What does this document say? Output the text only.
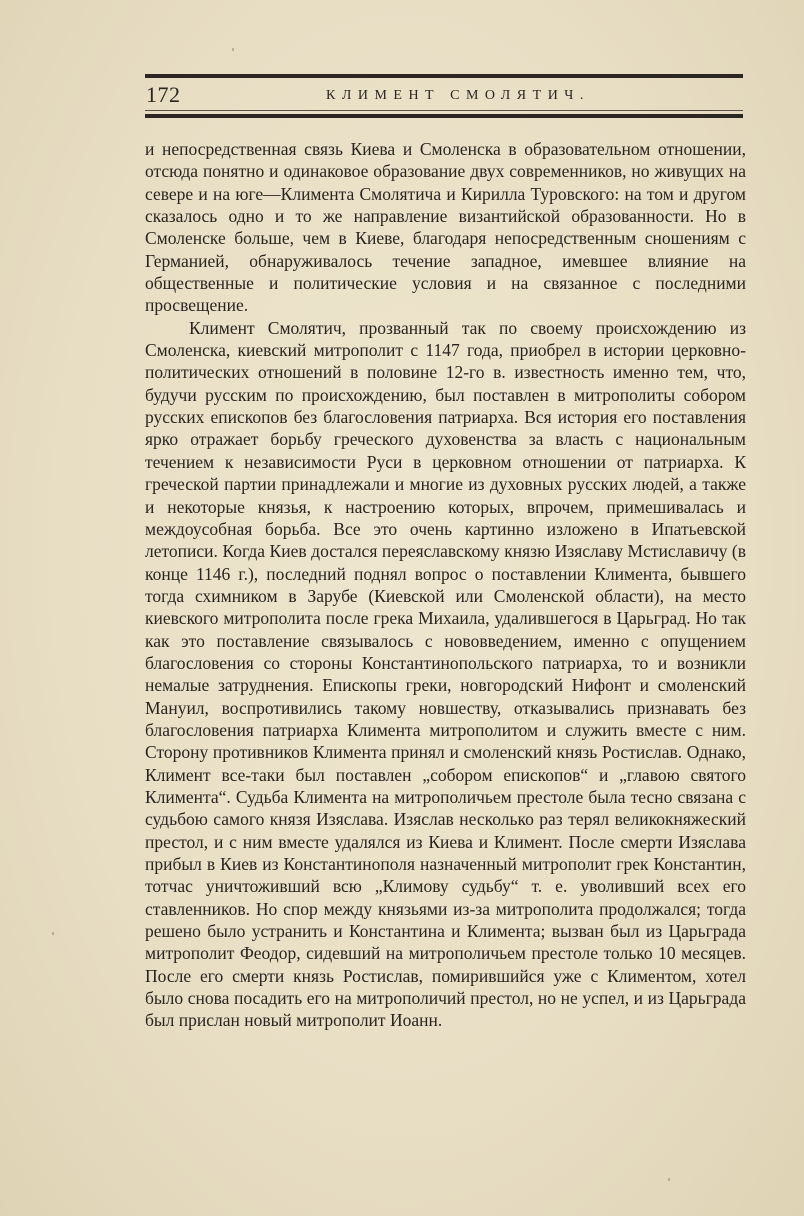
172	КЛИМЕНТ СМОЛЯТИЧ.

и непосредственная связь Киева и Смоленска в образовательном отношении, отсюда понятно и одинаковое образование двух современников, но живущих на севере и на юге—Климента Смолятича и Кирилла Туровского: на том и другом сказалось одно и то же направление византийской образованности. Но в Смоленске больше, чем в Киеве, благодаря непосредственным сношениям с Германией, обнаруживалось течение западное, имевшее влияние на общественные и политические условия и на связанное с последними просвещение.

Климент Смолятич, прозванный так по своему происхождению из Смоленска, киевский митрополит с 1147 года, приобрел в истории церковно-политических отношений в половине 12-го в. известность именно тем, что, будучи русским по происхождению, был поставлен в митрополиты собором русских епископов без благословения патриарха. Вся история его поставления ярко отражает борьбу греческого духовенства за власть с национальным течением к независимости Руси в церковном отношении от патриарха. К греческой партии принадлежали и многие из духовных русских людей, а также и некоторые князья, к настроению которых, впрочем, примешивалась и междоусобная борьба. Все это очень картинно изложено в Ипатьевской летописи. Когда Киев достался переяславскому князю Изяславу Мстиславичу (в конце 1146 г.), последний поднял вопрос о поставлении Климента, бывшего тогда схимником в Зарубе (Киевской или Смоленской области), на место киевского митрополита после грека Михаила, удалившегося в Царьград. Но так как это поставление связывалось с нововведением, именно с опущением благословения со стороны Константинопольского патриарха, то и возникли немалые затруднения. Епископы греки, новгородский Нифонт и смоленский Мануил, воспротивились такому новшеству, отказывались признавать без благословения патриарха Климента митрополитом и служить вместе с ним. Сторону противников Климента принял и смоленский князь Ростислав. Однако, Климент все-таки был поставлен „собором епископов“ и „главою святого Климента“. Судьба Климента на митрополичьем престоле была тесно связана с судьбою самого князя Изяслава. Изяслав несколько раз терял великокняжеский престол, и с ним вместе удалялся из Киева и Климент. После смерти Изяслава прибыл в Киев из Константинополя назначенный митрополит грек Константин, тотчас уничтоживший всю „Климову судьбу“ т. е. уволивший всех его ставленников. Но спор между князьями из-за митрополита продолжался; тогда решено было устранить и Константина и Климента; вызван был из Царьграда митрополит Феодор, сидевший на митрополичьем престоле только 10 месяцев. После его смерти князь Ростислав, помирившийся уже с Климентом, хотел было снова посадить его на митрополичий престол, но не успел, и из Царьграда был прислан новый митрополит Иоанн.
